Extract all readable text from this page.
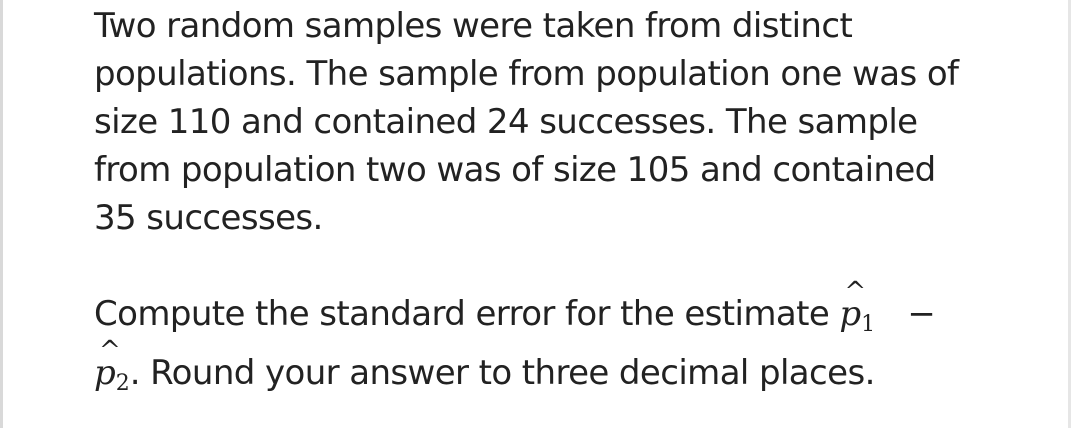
Two random samples were taken from distinct
populations. The sample from population one was of
size 110 and contained 24 successes. The sample
from population two was of size 105 and contained
35 successes.
Compute the standard error for the estimate ^ $p_1$ −
^ $p_2$. Round your answer to three decimal places.
